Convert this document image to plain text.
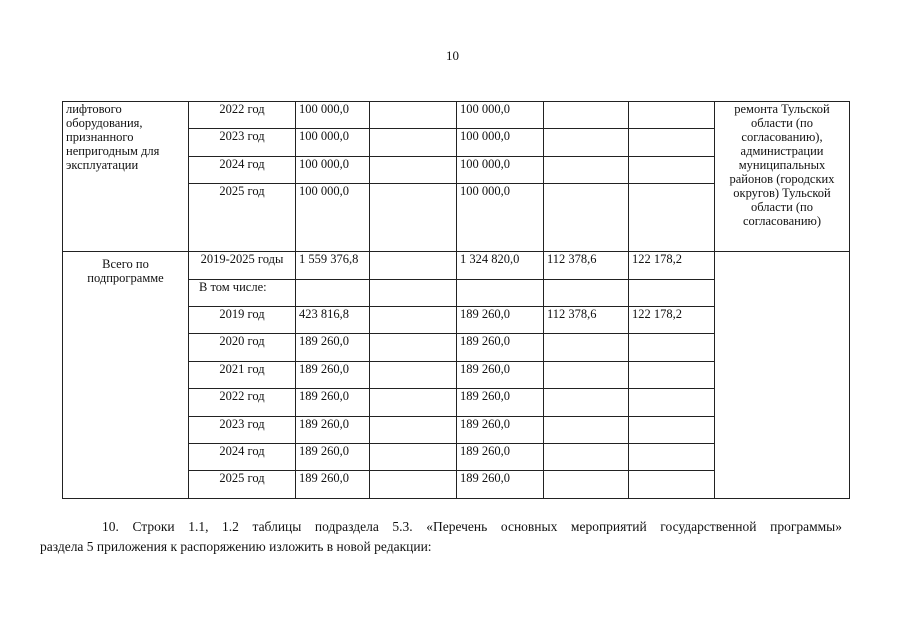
10
лифтового оборудования, признанного непригодным для эксплуатации	2022 год	100 000,0		100 000,0			ремонта Тульской области (по согласованию), администрации муниципальных районов (городских округов) Тульской области (по согласованию)
	2023 год	100 000,0		100 000,0			
	2024 год	100 000,0		100 000,0			
	2025 год	100 000,0		100 000,0			
Всего по подпрограмме	2019-2025 годы	1 559 376,8		1 324 820,0	112 378,6	122 178,2	
	В том числе:						
	2019 год	423 816,8		189 260,0	112 378,6	122 178,2	
	2020 год	189 260,0		189 260,0			
	2021 год	189 260,0		189 260,0			
	2022 год	189 260,0		189 260,0			
	2023 год	189 260,0		189 260,0			
	2024 год	189 260,0		189 260,0			
	2025 год	189 260,0		189 260,0			
10. Строки 1.1, 1.2 таблицы подраздела 5.3. «Перечень основных мероприятий государственной программы»
раздела 5 приложения к распоряжению изложить в новой редакции:
